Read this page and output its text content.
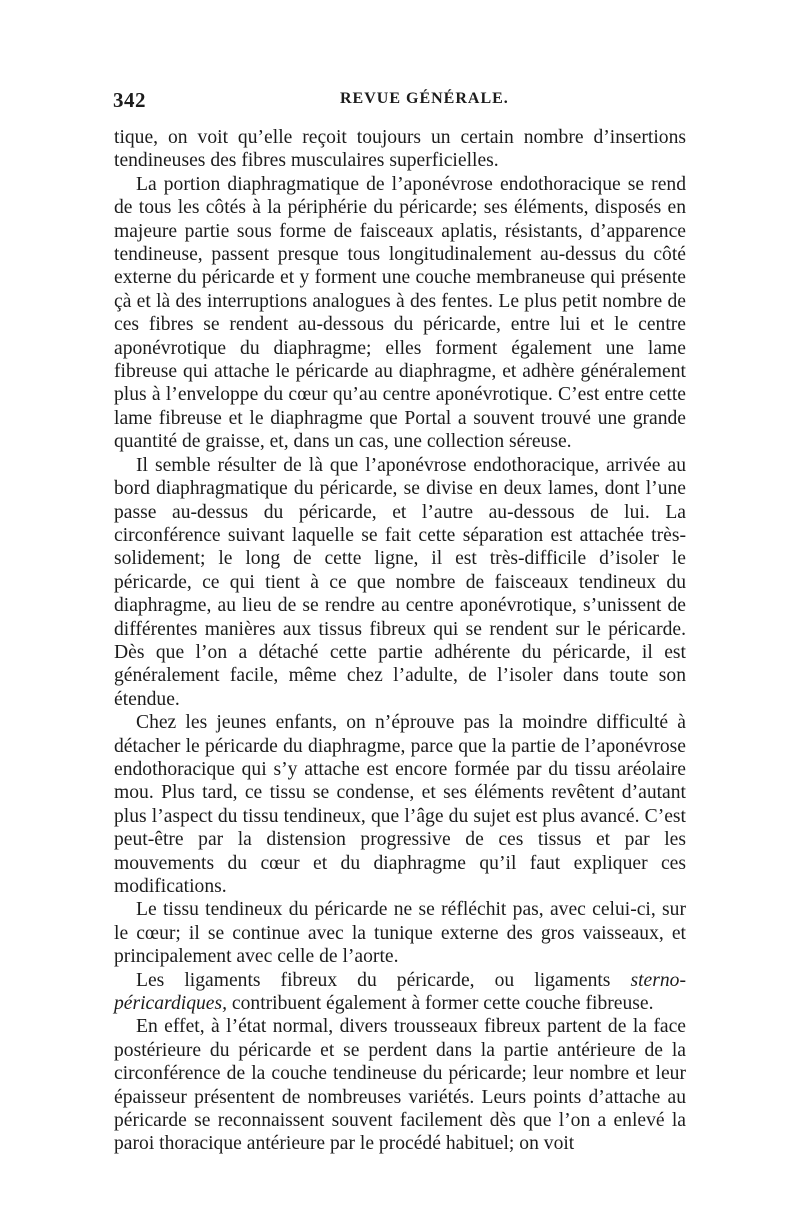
342	REVUE GÉNÉRALE.

tique, on voit qu’elle reçoit toujours un certain nombre d’insertions tendineuses des fibres musculaires superficielles.

La portion diaphragmatique de l’aponévrose endothoracique se rend de tous les côtés à la périphérie du péricarde; ses éléments, disposés en majeure partie sous forme de faisceaux aplatis, résistants, d’apparence tendineuse, passent presque tous longitudinalement au-dessus du côté externe du péricarde et y forment une couche membraneuse qui présente çà et là des interruptions analogues à des fentes. Le plus petit nombre de ces fibres se rendent au-dessous du péricarde, entre lui et le centre aponévrotique du diaphragme; elles forment également une lame fibreuse qui attache le péricarde au diaphragme, et adhère généralement plus à l’enveloppe du cœur qu’au centre aponévrotique. C’est entre cette lame fibreuse et le diaphragme que Portal a souvent trouvé une grande quantité de graisse, et, dans un cas, une collection séreuse.

Il semble résulter de là que l’aponévrose endothoracique, arrivée au bord diaphragmatique du péricarde, se divise en deux lames, dont l’une passe au-dessus du péricarde, et l’autre au-dessous de lui. La circonférence suivant laquelle se fait cette séparation est attachée très-solidement; le long de cette ligne, il est très-difficile d’isoler le péricarde, ce qui tient à ce que nombre de faisceaux tendineux du diaphragme, au lieu de se rendre au centre aponévrotique, s’unissent de différentes manières aux tissus fibreux qui se rendent sur le péricarde. Dès que l’on a détaché cette partie adhérente du péricarde, il est généralement facile, même chez l’adulte, de l’isoler dans toute son étendue.

Chez les jeunes enfants, on n’éprouve pas la moindre difficulté à détacher le péricarde du diaphragme, parce que la partie de l’aponévrose endothoracique qui s’y attache est encore formée par du tissu aréolaire mou. Plus tard, ce tissu se condense, et ses éléments revêtent d’autant plus l’aspect du tissu tendineux, que l’âge du sujet est plus avancé. C’est peut-être par la distension progressive de ces tissus et par les mouvements du cœur et du diaphragme qu’il faut expliquer ces modifications.

Le tissu tendineux du péricarde ne se réfléchit pas, avec celui-ci, sur le cœur; il se continue avec la tunique externe des gros vaisseaux, et principalement avec celle de l’aorte.

Les ligaments fibreux du péricarde, ou ligaments sterno-péricardiques, contribuent également à former cette couche fibreuse.

En effet, à l’état normal, divers trousseaux fibreux partent de la face postérieure du péricarde et se perdent dans la partie antérieure de la circonférence de la couche tendineuse du péricarde; leur nombre et leur épaisseur présentent de nombreuses variétés. Leurs points d’attache au péricarde se reconnaissent souvent facilement dès que l’on a enlevé la paroi thoracique antérieure par le procédé habituel; on voit
